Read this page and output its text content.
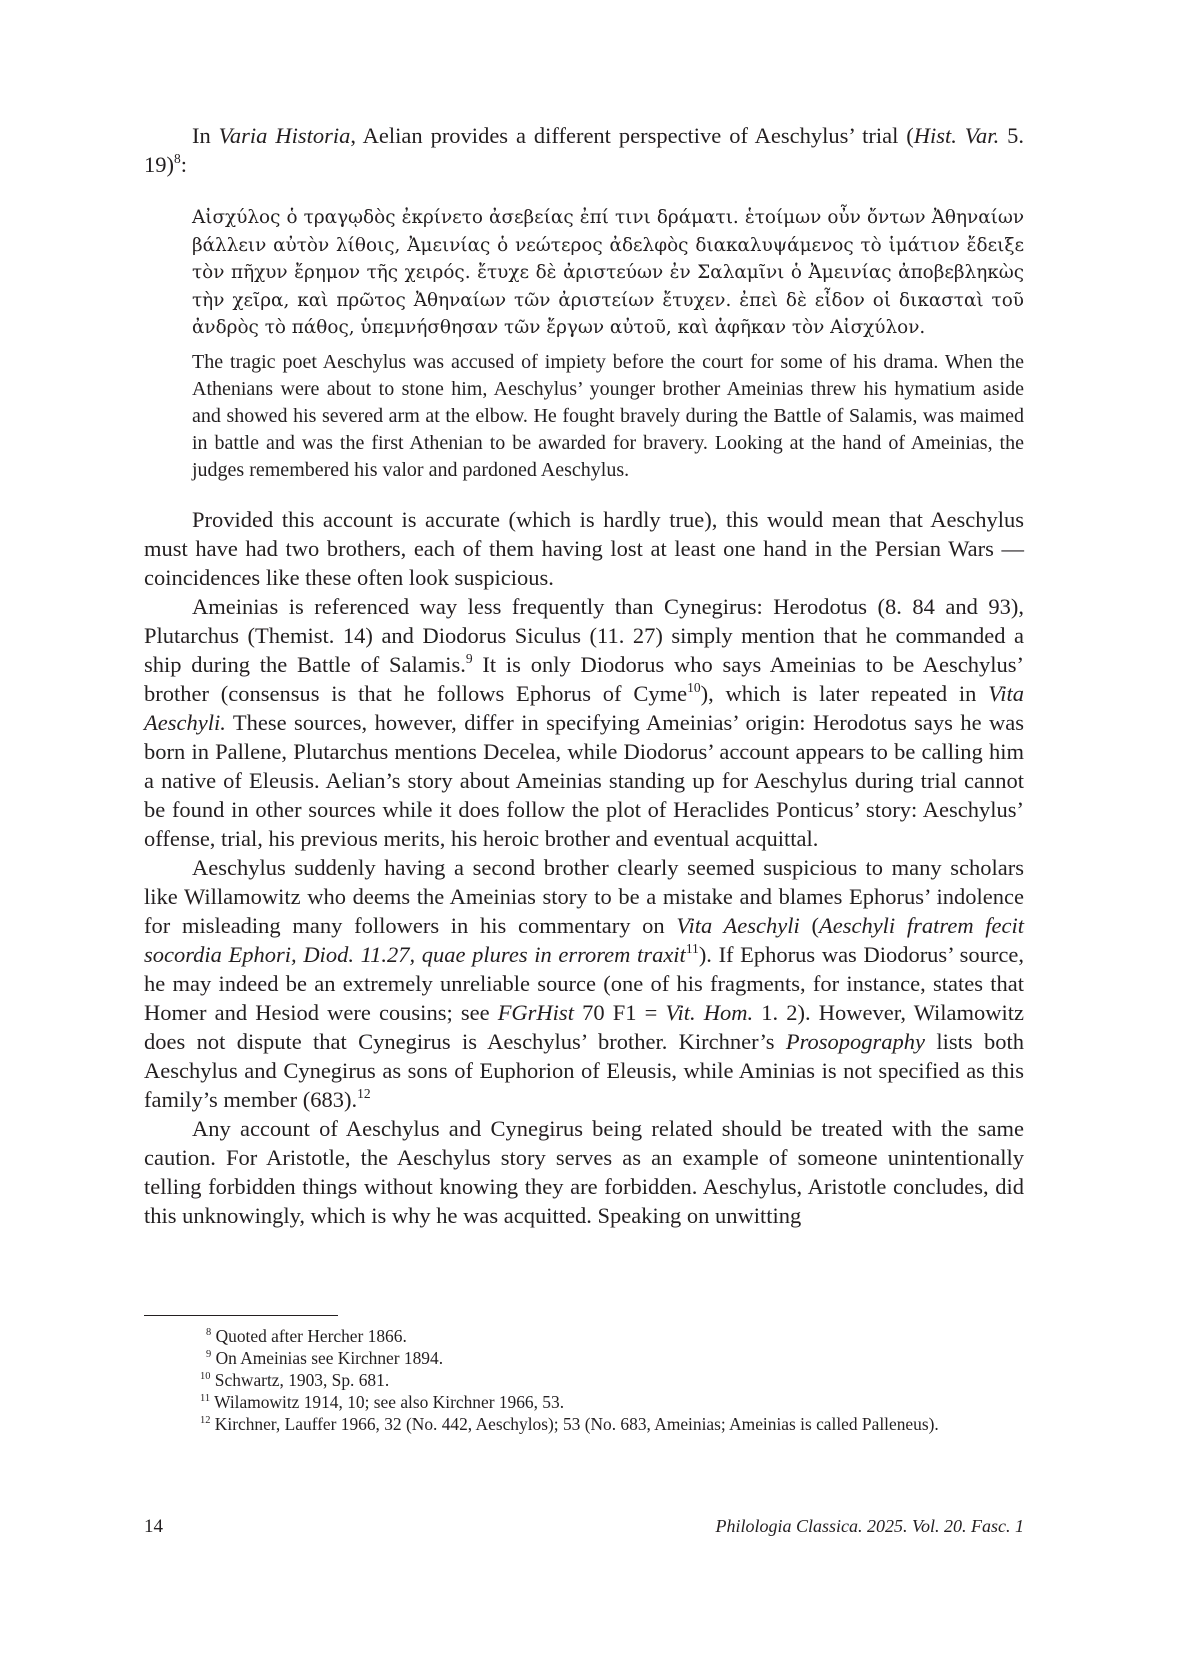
In Varia Historia, Aelian provides a different perspective of Aeschylus’ trial (Hist. Var. 5. 19)$^8$:
Αἰσχύλος ὁ τραγῳδὸς ἐκρίνετο ἀσεβείας ἐπί τινι δράματι. ἑτοίμων οὖν ὄντων Ἀθηναίων βάλλειν αὐτὸν λίθοις, Ἀμεινίας ὁ νεώτερος ἀδελφὸς διακαλυψάμενος τὸ ἱμάτιον ἔδειξε τὸν πῆχυν ἔρημον τῆς χειρός. ἔτυχε δὲ ἀριστεύων ἐν Σαλαμῖνι ὁ Ἀμεινίας ἀποβεβληκὼς τὴν χεῖρα, καὶ πρῶτος Ἀθηναίων τῶν ἀριστείων ἔτυχεν. ἐπεὶ δὲ εἶδον οἱ δικασταὶ τοῦ ἀνδρὸς τὸ πάθος, ὑπεμνήσθησαν τῶν ἔργων αὐτοῦ, καὶ ἀφῆκαν τὸν Αἰσχύλον.
The tragic poet Aeschylus was accused of impiety before the court for some of his drama. When the Athenians were about to stone him, Aeschylus’ younger brother Ameinias threw his hymatium aside and showed his severed arm at the elbow. He fought bravely during the Battle of Salamis, was maimed in battle and was the first Athenian to be awarded for bravery. Looking at the hand of Ameinias, the judges remembered his valor and pardoned Aeschylus.
Provided this account is accurate (which is hardly true), this would mean that Aeschylus must have had two brothers, each of them having lost at least one hand in the Persian Wars — coincidences like these often look suspicious.
Ameinias is referenced way less frequently than Cynegirus: Herodotus (8. 84 and 93), Plutarchus (Themist. 14) and Diodorus Siculus (11. 27) simply mention that he commanded a ship during the Battle of Salamis.$^9$ It is only Diodorus who says Ameinias to be Aeschylus’ brother (consensus is that he follows Ephorus of Cyme$^{10}$), which is later repeated in Vita Aeschyli. These sources, however, differ in specifying Ameinias’ origin: Herodotus says he was born in Pallene, Plutarchus mentions Decelea, while Diodorus’ account appears to be calling him a native of Eleusis. Aelian’s story about Ameinias standing up for Aeschylus during trial cannot be found in other sources while it does follow the plot of Heraclides Ponticus’ story: Aeschylus’ offense, trial, his previous merits, his heroic brother and eventual acquittal.
Aeschylus suddenly having a second brother clearly seemed suspicious to many scholars like Willamowitz who deems the Ameinias story to be a mistake and blames Ephorus’ indolence for misleading many followers in his commentary on Vita Aeschyli (Aeschyli fratrem fecit socordia Ephori, Diod. 11.27, quae plures in errorem traxit$^{11}$). If Ephorus was Diodorus’ source, he may indeed be an extremely unreliable source (one of his fragments, for instance, states that Homer and Hesiod were cousins; see FGrHist 70 F1 = Vit. Hom. 1. 2). However, Wilamowitz does not dispute that Cynegirus is Aeschylus’ brother. Kirchner’s Prosopography lists both Aeschylus and Cynegirus as sons of Euphorion of Eleusis, while Aminias is not specified as this family’s member (683).$^{12}$
Any account of Aeschylus and Cynegirus being related should be treated with the same caution. For Aristotle, the Aeschylus story serves as an example of someone unintentionally telling forbidden things without knowing they are forbidden. Aeschylus, Aristotle concludes, did this unknowingly, which is why he was acquitted. Speaking on unwitting
$^8$ Quoted after Hercher 1866.
$^9$ On Ameinias see Kirchner 1894.
$^{10}$ Schwartz, 1903, Sp. 681.
$^{11}$ Wilamowitz 1914, 10; see also Kirchner 1966, 53.
$^{12}$ Kirchner, Lauffer 1966, 32 (No. 442, Aeschylos); 53 (No. 683, Ameinias; Ameinias is called Palleneus).
14	Philologia Classica. 2025. Vol. 20. Fasc. 1
